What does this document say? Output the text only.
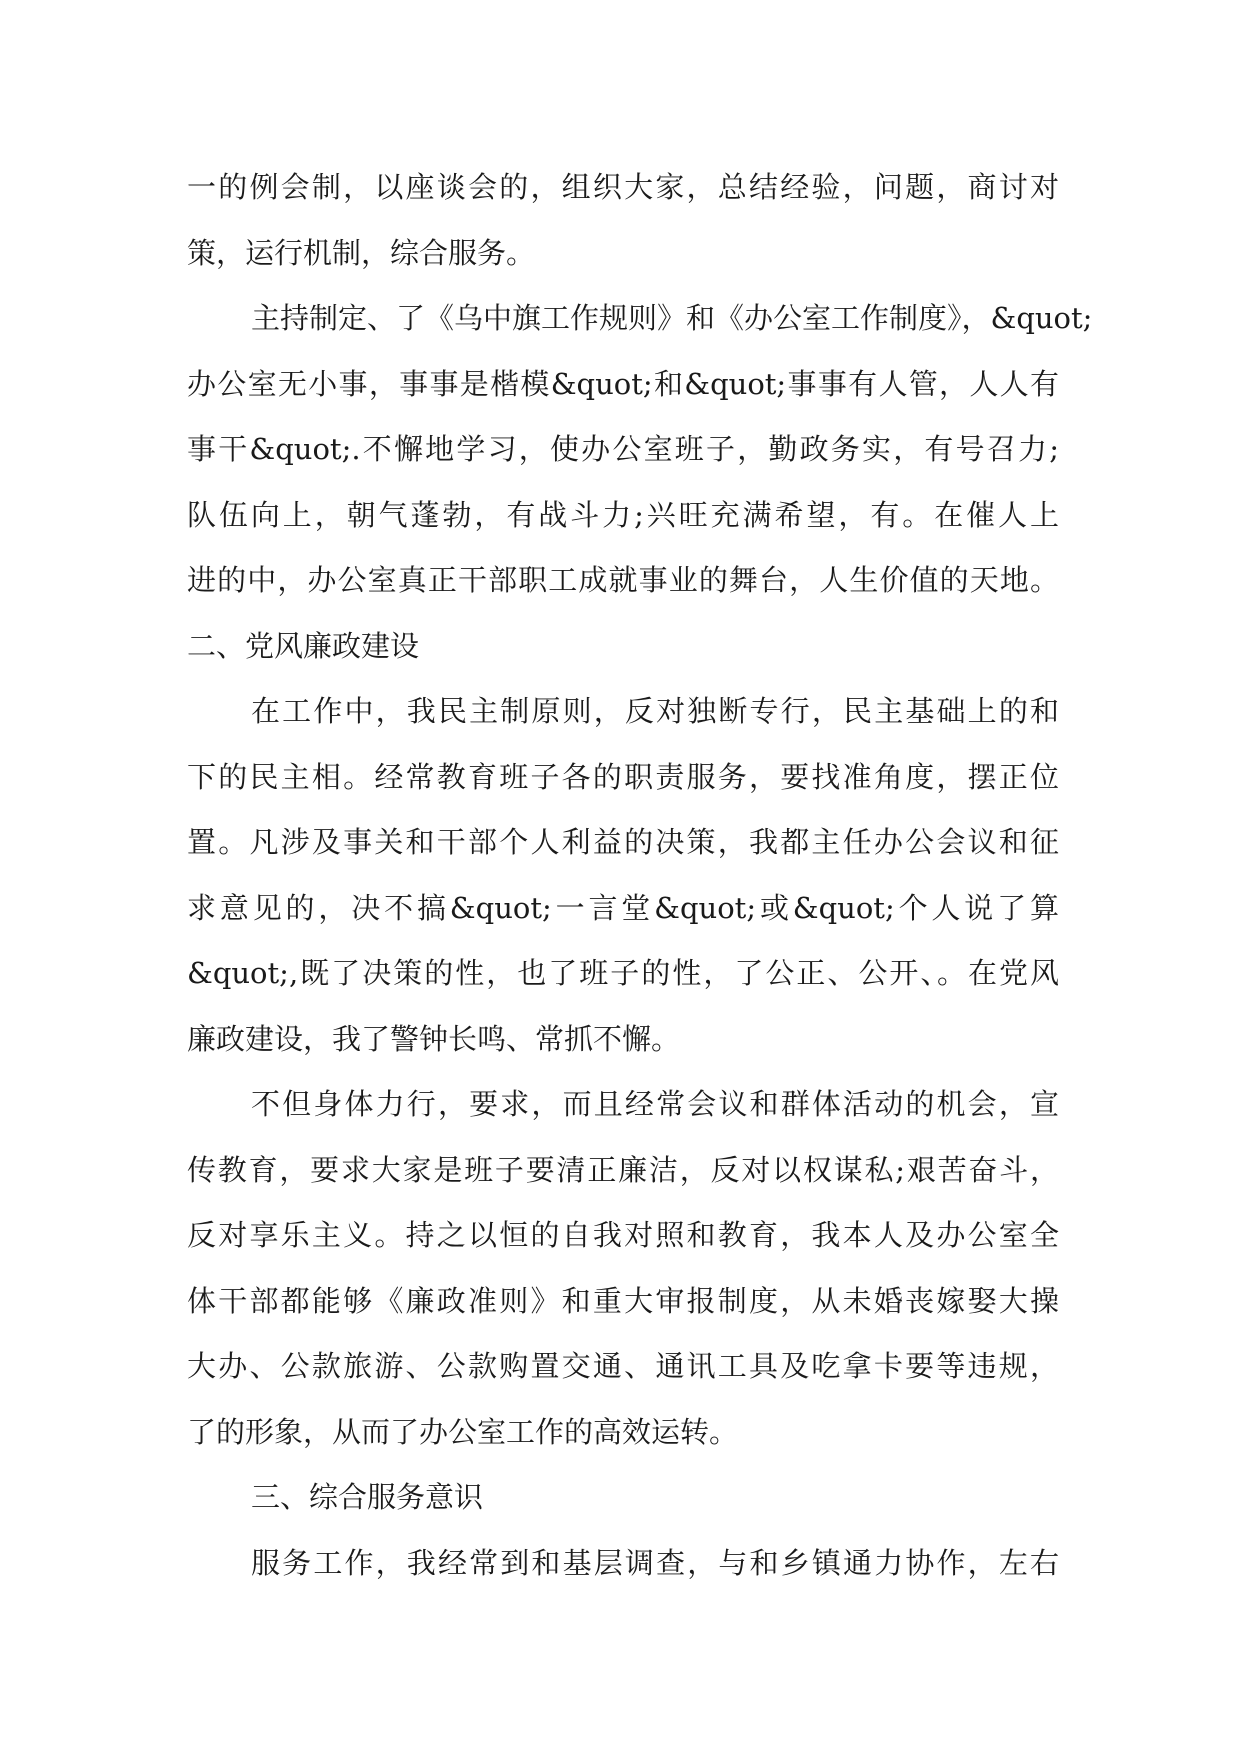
一的例会制，以座谈会的，组织大家，总结经验，问题，商讨对
策，运行机制，综合服务。
主持制定、了《乌中旗工作规则》和《办公室工作制度》，&quot;
办公室无小事，事事是楷模&quot;和&quot;事事有人管，人人有
事干&quot;.不懈地学习，使办公室班子，勤政务实，有号召力;
队伍向上，朝气蓬勃，有战斗力;兴旺充满希望，有。在催人上
进的中，办公室真正干部职工成就事业的舞台，人生价值的天地。
二、党风廉政建设
在工作中，我民主制原则，反对独断专行，民主基础上的和
下的民主相。经常教育班子各的职责服务，要找准角度，摆正位
置。凡涉及事关和干部个人利益的决策，我都主任办公会议和征
求意见的，决不搞&quot;一言堂&quot;或&quot;个人说了算
&quot;,既了决策的性，也了班子的性，了公正、公开、。在党风
廉政建设，我了警钟长鸣、常抓不懈。
不但身体力行，要求，而且经常会议和群体活动的机会，宣
传教育，要求大家是班子要清正廉洁，反对以权谋私;艰苦奋斗，
反对享乐主义。持之以恒的自我对照和教育，我本人及办公室全
体干部都能够《廉政准则》和重大审报制度，从未婚丧嫁娶大操
大办、公款旅游、公款购置交通、通讯工具及吃拿卡要等违规，
了的形象，从而了办公室工作的高效运转。
三、综合服务意识
服务工作，我经常到和基层调查，与和乡镇通力协作，左右
